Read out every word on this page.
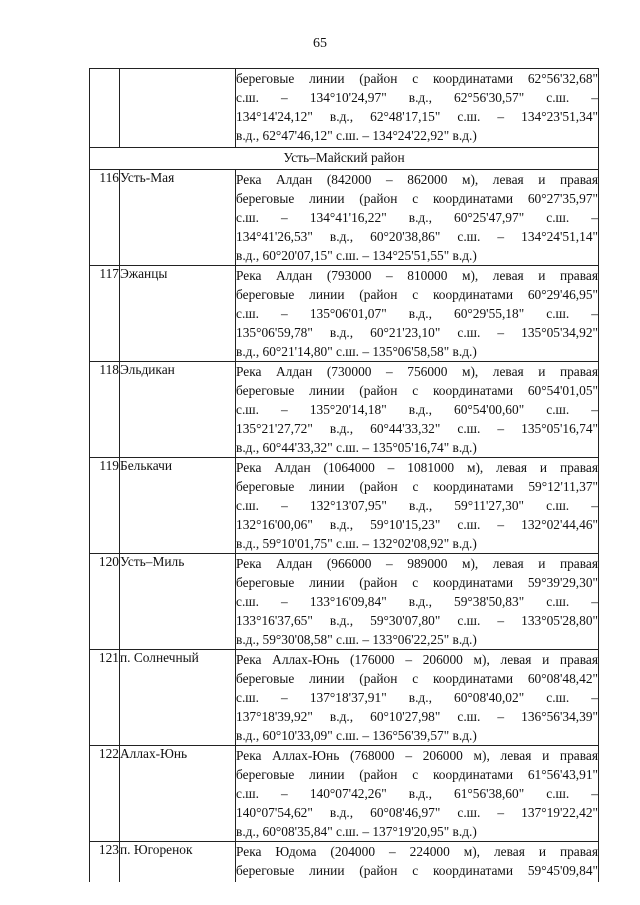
65

		береговые линии (район с координатами 62°56'32,68"
с.ш. – 134°10'24,97" в.д., 62°56'30,57" с.ш. –
134°14'24,12" в.д., 62°48'17,15" с.ш. – 134°23'51,34"
в.д., 62°47'46,12" с.ш. – 134°24'22,92" в.д.)

Усть–Майский район		
116	Усть-Мая	Река Алдан (842000 – 862000 м), левая и правая
береговые линии (район с координатами 60°27'35,97"
с.ш. – 134°41'16,22" в.д., 60°25'47,97" с.ш. –
134°41'26,53" в.д., 60°20'38,86" с.ш. – 134°24'51,14"
в.д., 60°20'07,15" с.ш. – 134°25'51,55" в.д.)

117	Эжанцы	Река Алдан (793000 – 810000 м), левая и правая
береговые линии (район с координатами 60°29'46,95"
с.ш. – 135°06'01,07" в.д., 60°29'55,18" с.ш. –
135°06'59,78" в.д., 60°21'23,10" с.ш. – 135°05'34,92"
в.д., 60°21'14,80" с.ш. – 135°06'58,58" в.д.)

118	Эльдикан	Река Алдан (730000 – 756000 м), левая и правая
береговые линии (район с координатами 60°54'01,05"
с.ш. – 135°20'14,18" в.д., 60°54'00,60" с.ш. –
135°21'27,72" в.д., 60°44'33,32" с.ш. – 135°05'16,74"
в.д., 60°44'33,32" с.ш. – 135°05'16,74" в.д.)

119	Белькачи	Река Алдан (1064000 – 1081000 м), левая и правая
береговые линии (район с координатами 59°12'11,37"
с.ш. – 132°13'07,95" в.д., 59°11'27,30" с.ш. –
132°16'00,06" в.д., 59°10'15,23" с.ш. – 132°02'44,46"
в.д., 59°10'01,75" с.ш. – 132°02'08,92" в.д.)

120	Усть–Миль	Река Алдан (966000 – 989000 м), левая и правая
береговые линии (район с координатами 59°39'29,30"
с.ш. – 133°16'09,84" в.д., 59°38'50,83" с.ш. –
133°16'37,65" в.д., 59°30'07,80" с.ш. – 133°05'28,80"
в.д., 59°30'08,58" с.ш. – 133°06'22,25" в.д.)

121	п. Солнечный	Река Аллах-Юнь (176000 – 206000 м), левая и правая
береговые линии (район с координатами 60°08'48,42"
с.ш. – 137°18'37,91" в.д., 60°08'40,02" с.ш. –
137°18'39,92" в.д., 60°10'27,98" с.ш. – 136°56'34,39"
в.д., 60°10'33,09" с.ш. – 136°56'39,57" в.д.)

122	Аллах-Юнь	Река Аллах-Юнь (768000 – 206000 м), левая и правая
береговые линии (район с координатами 61°56'43,91"
с.ш. – 140°07'42,26" в.д., 61°56'38,60" с.ш. –
140°07'54,62" в.д., 60°08'46,97" с.ш. – 137°19'22,42"
в.д., 60°08'35,84" с.ш. – 137°19'20,95" в.д.)

123	п. Югоренок	Река Юдома (204000 – 224000 м), левая и правая
береговые линии (район с координатами 59°45'09,84"
